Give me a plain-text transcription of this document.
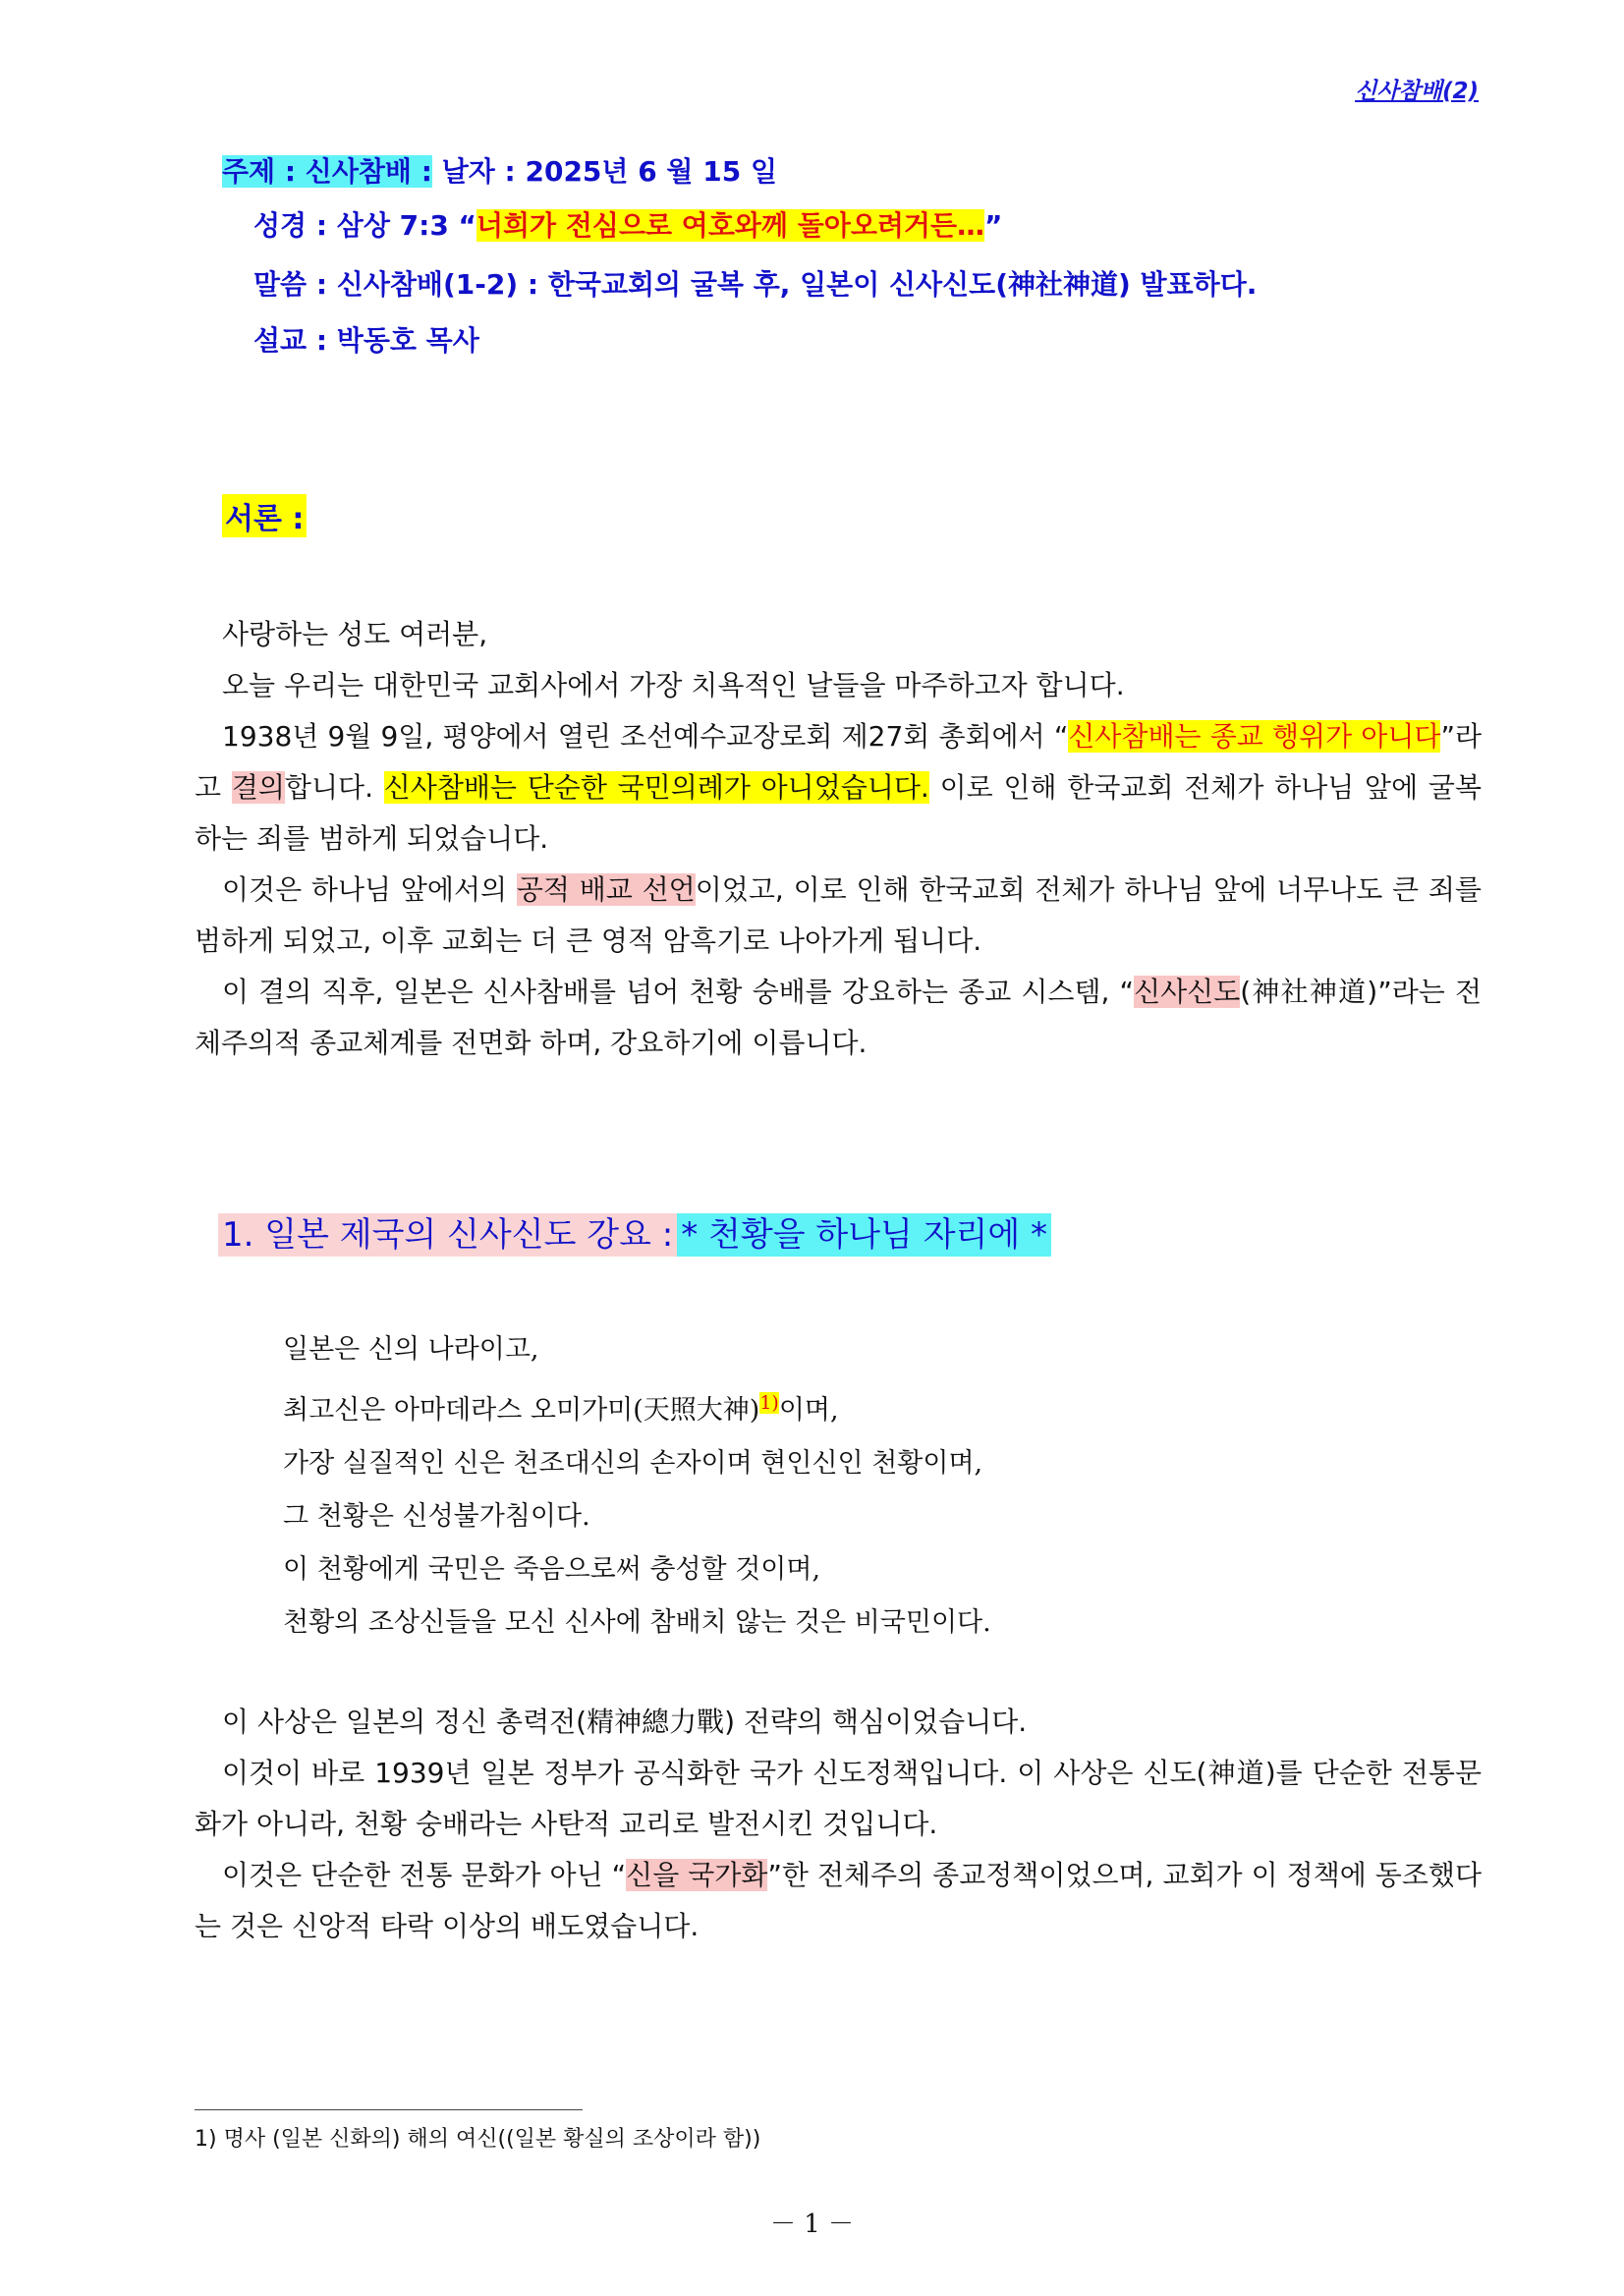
신사참배(2)
주제 : 신사참배 : 날자 : 2025년 6 월 15 일
성경 : 삼상 7:3 “너희가 전심으로 여호와께 돌아오려거든…”
말씀 : 신사참배(1-2) : 한국교회의 굴복 후, 일본이 신사신도(神社神道) 발표하다.
설교 : 박동호 목사
서론 :

사랑하는 성도 여러분,

오늘 우리는 대한민국 교회사에서 가장 치욕적인 날들을 마주하고자 합니다.

1938년 9월 9일, 평양에서 열린 조선예수교장로회 제27회 총회에서 “신사참배는 종교 행위가 아니다”라고 결의합니다. 신사참배는 단순한 국민의례가 아니었습니다. 이로 인해 한국교회 전체가 하나님 앞에 굴복하는 죄를 범하게 되었습니다.

이것은 하나님 앞에서의 공적 배교 선언이었고, 이로 인해 한국교회 전체가 하나님 앞에 너무나도 큰 죄를 범하게 되었고, 이후 교회는 더 큰 영적 암흑기로 나아가게 됩니다.

이 결의 직후, 일본은 신사참배를 넘어 천황 숭배를 강요하는 종교 시스템, “신사신도(神社神道)”라는 전체주의적 종교체계를 전면화 하며, 강요하기에 이릅니다.

1. 일본 제국의 신사신도 강요 : * 천황을 하나님 자리에 *
일본은 신의 나라이고,
최고신은 아마데라스 오미가미(天照大神)$^{1)}$이며,
가장 실질적인 신은 천조대신의 손자이며 현인신인 천황이며,
그 천황은 신성불가침이다.
이 천황에게 국민은 죽음으로써 충성할 것이며,
천황의 조상신들을 모신 신사에 참배치 않는 것은 비국민이다.

이 사상은 일본의 정신 총력전(精神總力戰) 전략의 핵심이었습니다.

이것이 바로 1939년 일본 정부가 공식화한 국가 신도정책입니다. 이 사상은 신도(神道)를 단순한 전통문화가 아니라, 천황 숭배라는 사탄적 교리로 발전시킨 것입니다.

이것은 단순한 전통 문화가 아닌 “신을 국가화”한 전체주의 종교정책이었으며, 교회가 이 정책에 동조했다는 것은 신앙적 타락 이상의 배도였습니다.

1) 명사 (일본 신화의) 해의 여신((일본 황실의 조상이라 함))
－ 1 －
